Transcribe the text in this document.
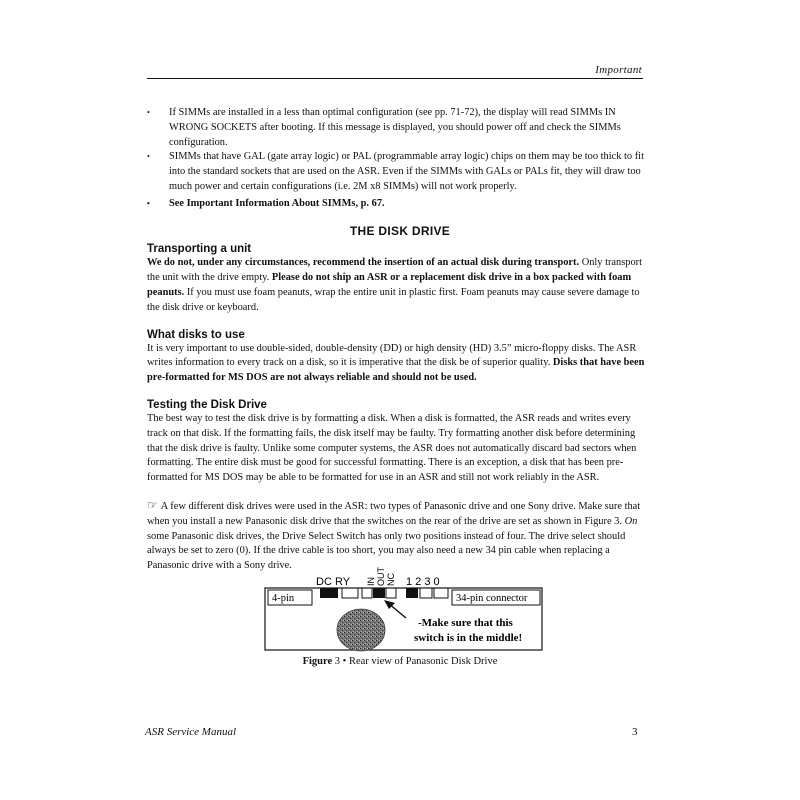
Important
• If SIMMs are installed in a less than optimal configuration (see pp. 71-72), the display will read SIMMs IN WRONG SOCKETS after booting. If this message is displayed, you should power off and check the SIMMs configuration.
• SIMMs that have GAL (gate array logic) or PAL (programmable array logic) chips on them may be too thick to fit into the standard sockets that are used on the ASR. Even if the SIMMs with GALs or PALs fit, they will draw too much power and certain configurations (i.e. 2M x8 SIMMs) will not work properly.
• See Important Information About SIMMs, p. 67.
THE DISK DRIVE
Transporting a unit

We do not, under any circumstances, recommend the insertion of an actual disk during transport. Only transport the unit with the drive empty. Please do not ship an ASR or a replacement disk drive in a box packed with foam peanuts. If you must use foam peanuts, wrap the entire unit in plastic first. Foam peanuts may cause severe damage to the disk drive or keyboard.

What disks to use

It is very important to use double-sided, double-density (DD) or high density (HD) 3.5” micro-floppy disks. The ASR writes information to every track on a disk, so it is imperative that the disk be of superior quality. Disks that have been pre-formatted for MS DOS are not always reliable and should not be used.

Testing the Disk Drive

The best way to test the disk drive is by formatting a disk. When a disk is formatted, the ASR reads and writes every track on that disk. If the formatting fails, the disk itself may be faulty. Try formatting another disk before determining that the disk drive is faulty. Unlike some computer systems, the ASR does not automatically discard bad sectors when formatting. The entire disk must be good for successful formatting. There is an exception, a disk that has been pre-formatted for MS DOS may be able to be formatted for use in an ASR and still not work reliably in the ASR.

☞ A few different disk drives were used in the ASR: two types of Panasonic drive and one Sony drive. Make sure that when you install a new Panasonic disk drive that the switches on the rear of the drive are set as shown in Figure 3. On some Panasonic disk drives, the Drive Select Switch has only two positions instead of four. The drive select should always be set to zero (0). If the drive cable is too short, you may also need a new 34 pin cable when replacing a Panasonic drive with a Sony drive.

DC RY IN OUT NC 1 2 3 0
4-pin	34-pin connector
-Make sure that this
switch is in the middle!
Figure 3 • Rear view of Panasonic Disk Drive
ASR Service Manual	3
